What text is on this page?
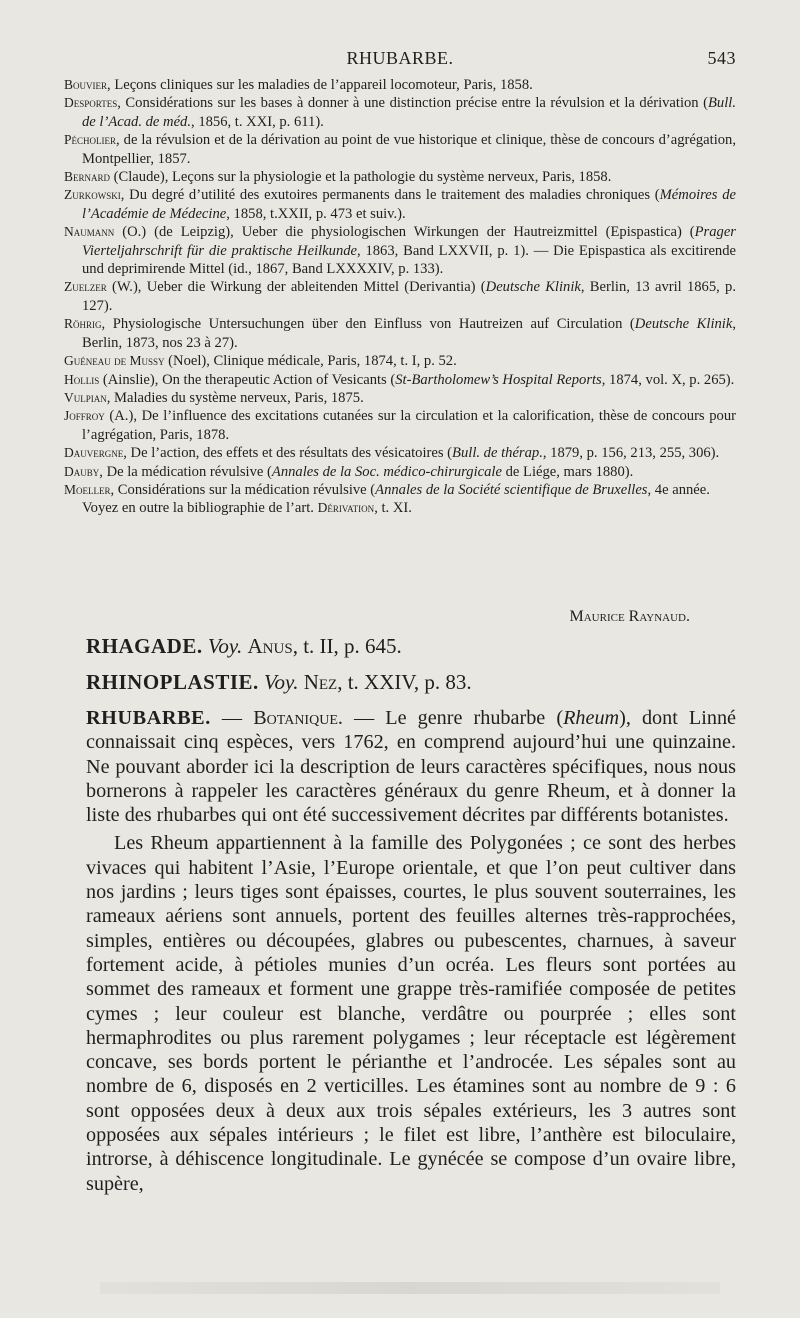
RHUBARBE.	543
Bouvier, Leçons cliniques sur les maladies de l’appareil locomoteur, Paris, 1858.
Desportes, Considérations sur les bases à donner à une distinction précise entre la révulsion et la dérivation (Bull. de l’Acad. de méd., 1856, t. XXI, p. 611).
Pécholier, de la révulsion et de la dérivation au point de vue historique et clinique, thèse de concours d’agrégation, Montpellier, 1857.
Bernard (Claude), Leçons sur la physiologie et la pathologie du système nerveux, Paris, 1858.
Zurkowski, Du degré d’utilité des exutoires permanents dans le traitement des maladies chroniques (Mémoires de l’Académie de Médecine, 1858, t.XXII, p. 473 et suiv.).
Naumann (O.) (de Leipzig), Ueber die physiologischen Wirkungen der Hautreizmittel (Epispastica) (Prager Vierteljahrschrift für die praktische Heilkunde, 1863, Band LXXVII, p. 1). — Die Epispastica als excitirende und deprimirende Mittel (id., 1867, Band LXXXXIV, p. 133).
Zuelzer (W.), Ueber die Wirkung der ableitenden Mittel (Derivantia) (Deutsche Klinik, Berlin, 13 avril 1865, p. 127).
Röhrig, Physiologische Untersuchungen über den Einfluss von Hautreizen auf Circulation (Deutsche Klinik, Berlin, 1873, nos 23 à 27).
Guéneau de Mussy (Noel), Clinique médicale, Paris, 1874, t. I, p. 52.
Hollis (Ainslie), On the therapeutic Action of Vesicants (St-Bartholomew’s Hospital Reports, 1874, vol. X, p. 265).
Vulpian, Maladies du système nerveux, Paris, 1875.
Joffroy (A.), De l’influence des excitations cutanées sur la circulation et la calorification, thèse de concours pour l’agrégation, Paris, 1878.
Dauvergne, De l’action, des effets et des résultats des vésicatoires (Bull. de thérap., 1879, p. 156, 213, 255, 306).
Dauby, De la médication révulsive (Annales de la Soc. médico-chirurgicale de Liége, mars 1880).
Moeller, Considérations sur la médication révulsive (Annales de la Société scientifique de Bruxelles, 4e année.
Voyez en outre la bibliographie de l’art. Dérivation, t. XI.
Maurice Raynaud.
RHAGADE. Voy. Anus, t. II, p. 645.
RHINOPLASTIE. Voy. Nez, t. XXIV, p. 83.

RHUBARBE. — Botanique. — Le genre rhubarbe (Rheum), dont Linné connaissait cinq espèces, vers 1762, en comprend aujourd’hui une quinzaine. Ne pouvant aborder ici la description de leurs caractères spécifiques, nous nous bornerons à rappeler les caractères généraux du genre Rheum, et à donner la liste des rhubarbes qui ont été successivement décrites par différents botanistes.

Les Rheum appartiennent à la famille des Polygonées ; ce sont des herbes vivaces qui habitent l’Asie, l’Europe orientale, et que l’on peut cultiver dans nos jardins ; leurs tiges sont épaisses, courtes, le plus souvent souterraines, les rameaux aériens sont annuels, portent des feuilles alternes très-rapprochées, simples, entières ou découpées, glabres ou pubescentes, charnues, à saveur fortement acide, à pétioles munies d’un ocréa. Les fleurs sont portées au sommet des rameaux et forment une grappe très-ramifiée composée de petites cymes ; leur couleur est blanche, verdâtre ou pourprée ; elles sont hermaphrodites ou plus rarement polygames ; leur réceptacle est légèrement concave, ses bords portent le périanthe et l’androcée. Les sépales sont au nombre de 6, disposés en 2 verticilles. Les étamines sont au nombre de 9 : 6 sont opposées deux à deux aux trois sépales extérieurs, les 3 autres sont opposées aux sépales intérieurs ; le filet est libre, l’anthère est biloculaire, introrse, à déhiscence longitudinale. Le gynécée se compose d’un ovaire libre, supère,
